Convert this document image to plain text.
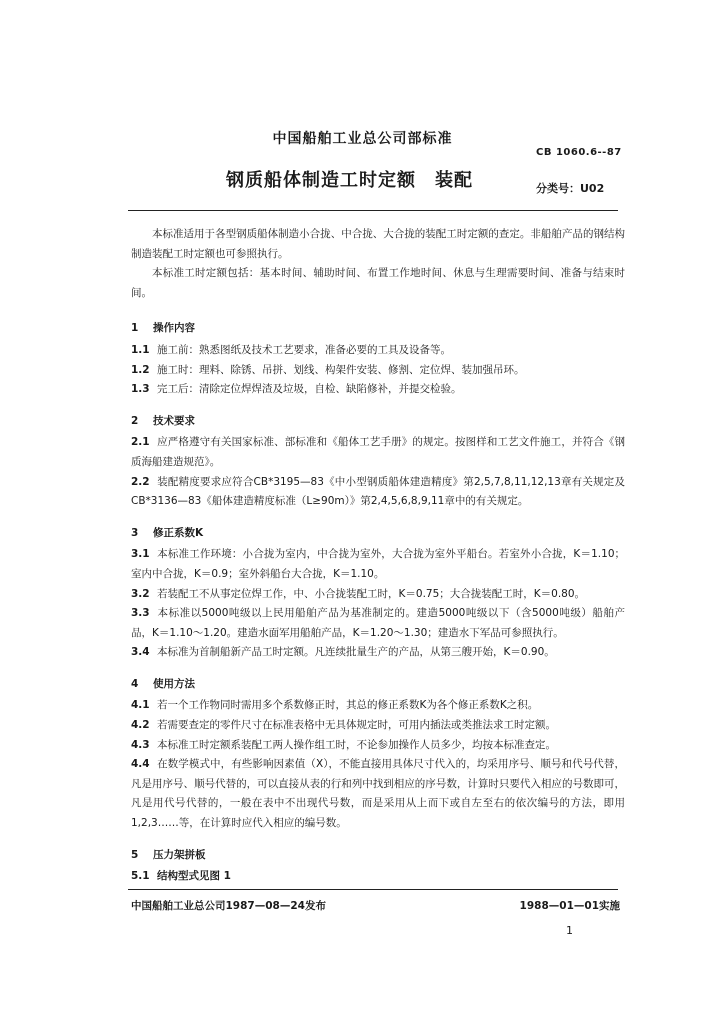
中国船舶工业总公司部标准
CB 1060.6--87
钢质船体制造工时定额　装配	分类号：U02

本标准适用于各型钢质船体制造小合拢、中合拢、大合拢的装配工时定额的查定。非船舶产品的钢结构制造装配工时定额也可参照执行。

本标准工时定额包括：基本时间、辅助时间、布置工作地时间、休息与生理需要时间、准备与结束时间。

1 操作内容

1.1 施工前：熟悉图纸及技术工艺要求，准备必要的工具及设备等。

1.2 施工时：理料、除锈、吊拼、划线、构架件安装、修割、定位焊、装加强吊环。

1.3 完工后：清除定位焊焊渣及垃圾，自检、缺陷修补，并提交检验。

2 技术要求

2.1 应严格遵守有关国家标准、部标准和《船体工艺手册》的规定。按图样和工艺文件施工，并符合《钢质海船建造规范》。

2.2 装配精度要求应符合CB*3195—83《中小型钢质船体建造精度》第2,5,7,8,11,12,13章有关规定及CB*3136—83《船体建造精度标准（L≥90m）》第2,4,5,6,8,9,11章中的有关规定。

3 修正系数K

3.1 本标准工作环境：小合拢为室内，中合拢为室外，大合拢为室外平船台。若室外小合拢，K＝1.10；室内中合拢，K＝0.9；室外斜船台大合拢，K＝1.10。

3.2 若装配工不从事定位焊工作，中、小合拢装配工时，K＝0.75；大合拢装配工时，K＝0.80。

3.3 本标准以5000吨级以上民用船舶产品为基准制定的。建造5000吨级以下（含5000吨级）船舶产品，K＝1.10～1.20。建造水面军用船舶产品，K＝1.20～1.30；建造水下军品可参照执行。

3.4 本标准为首制船新产品工时定额。凡连续批量生产的产品，从第三艘开始，K＝0.90。

4 使用方法

4.1 若一个工作物同时需用多个系数修正时，其总的修正系数K为各个修正系数K之积。

4.2 若需要查定的零件尺寸在标准表格中无具体规定时，可用内插法或类推法求工时定额。

4.3 本标准工时定额系装配工两人操作组工时，不论参加操作人员多少，均按本标准查定。

4.4 在数学模式中，有些影响因素值（X），不能直接用具体尺寸代入的，均采用序号、顺号和代号代替，凡是用序号、顺号代替的，可以直接从表的行和列中找到相应的序号数，计算时只要代入相应的号数即可，凡是用代号代替的，一般在表中不出现代号数，而是采用从上而下或自左至右的依次编号的方法，即用1,2,3……等，在计算时应代入相应的编号数。

5 压力架拼板
5.1 结构型式见图 1
中国船舶工业总公司1987—08—24发布	1988—01—01实施
1
